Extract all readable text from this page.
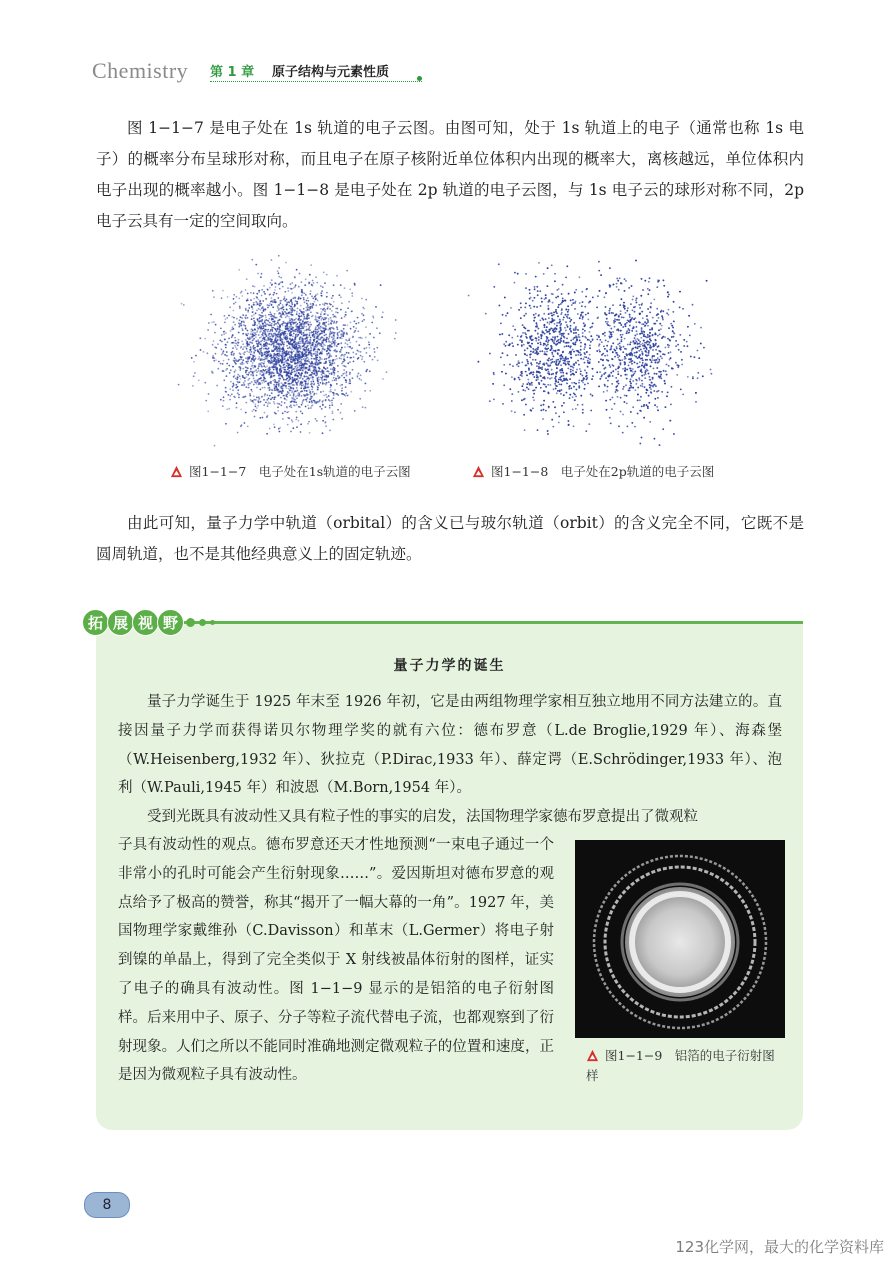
Chemistry 第 1 章 原子结构与元素性质
图 1−1−7 是电子处在 1s 轨道的电子云图。由图可知，处于 1s 轨道上的电子（通常也称 1s 电子）的概率分布呈球形对称，而且电子在原子核附近单位体积内出现的概率大，离核越远，单位体积内电子出现的概率越小。图 1−1−8 是电子处在 2p 轨道的电子云图，与 1s 电子云的球形对称不同，2p 电子云具有一定的空间取向。
图1−1−7　电子处在1s轨道的电子云图	图1−1−8　电子处在2p轨道的电子云图
由此可知，量子力学中轨道（orbital）的含义已与玻尔轨道（orbit）的含义完全不同，它既不是圆周轨道，也不是其他经典意义上的固定轨迹。
拓 展 视 野
量子力学的诞生
量子力学诞生于 1925 年末至 1926 年初，它是由两组物理学家相互独立地用不同方法建立的。直接因量子力学而获得诺贝尔物理学奖的就有六位：德布罗意（L.de Broglie,1929 年）、海森堡（W.Heisenberg,1932 年）、狄拉克（P.Dirac,1933 年）、薛定谔（E.Schrödinger,1933 年）、泡利（W.Pauli,1945 年）和波恩（M.Born,1954 年）。
受到光既具有波动性又具有粒子性的事实的启发，法国物理学家德布罗意提出了微观粒
子具有波动性的观点。德布罗意还天才性地预测“一束电子通过一个非常小的孔时可能会产生衍射现象……”。爱因斯坦对德布罗意的观点给予了极高的赞誉，称其“揭开了一幅大幕的一角”。1927 年，美国物理学家戴维孙（C.Davisson）和革末（L.Germer）将电子射到镍的单晶上，得到了完全类似于 X 射线被晶体衍射的图样，证实了电子的确具有波动性。图 1−1−9 显示的是铝箔的电子衍射图样。后来用中子、原子、分子等粒子流代替电子流，也都观察到了衍射现象。人们之所以不能同时准确地测定微观粒子的位置和速度，正是因为微观粒子具有波动性。
图1−1−9　铝箔的电子衍射图样
8
123化学网，最大的化学资料库
